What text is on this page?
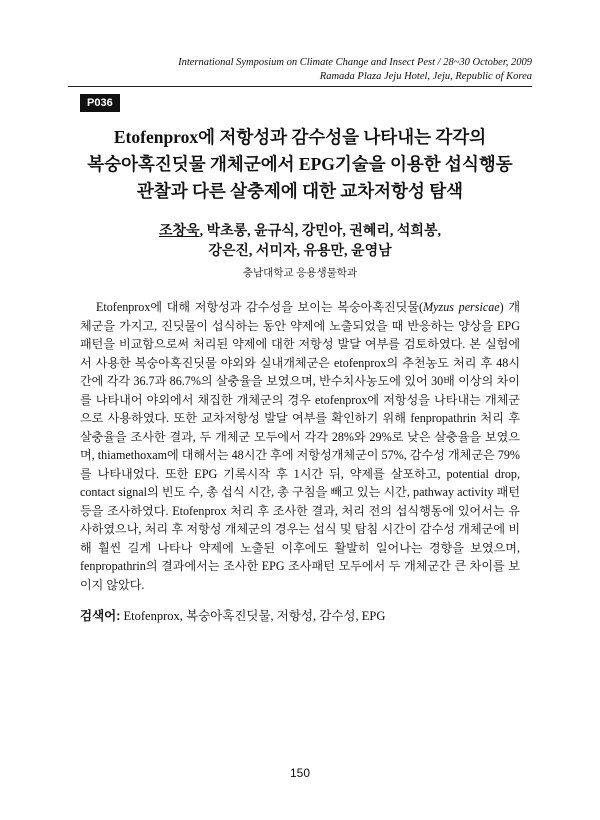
International Symposium on Climate Change and Insect Pest / 28~30 October, 2009
Ramada Plaza Jeju Hotel, Jeju, Republic of Korea
P036
Etofenprox에 저항성과 감수성을 나타내는 각각의
복숭아혹진딧물 개체군에서 EPG기술을 이용한 섭식행동
관찰과 다른 살충제에 대한 교차저항성 탐색
조창욱, 박초롱, 윤규식, 강민아, 권혜리, 석희봉,
강은진, 서미자, 유용만, 윤영남
충남대학교 응용생물학과

Etofenprox에 대해 저항성과 감수성을 보이는 복숭아혹진딧물(Myzus persicae) 개체군을 가지고, 진딧물이 섭식하는 동안 약제에 노출되었을 때 반응하는 양상을 EPG패턴을 비교함으로써 처리된 약제에 대한 저항성 발달 여부를 검토하였다. 본 실험에서 사용한 복숭아혹진딧물 야외와 실내개체군은 etofenprox의 추천농도 처리 후 48시간에 각각 36.7과 86.7%의 살충율을 보였으며, 반수치사농도에 있어 30배 이상의 차이를 나타내어 야외에서 채집한 개체군의 경우 etofenprox에 저항성을 나타내는 개체군으로 사용하였다. 또한 교차저항성 발달 여부를 확인하기 위해 fenpropathrin 처리 후 살충율을 조사한 결과, 두 개체군 모두에서 각각 28%와 29%로 낮은 살충율을 보였으며, thiamethoxam에 대해서는 48시간 후에 저항성개체군이 57%, 감수성 개체군은 79%를 나타내었다. 또한 EPG 기록시작 후 1시간 뒤, 약제를 살포하고, potential drop, contact signal의 빈도 수, 총 섭식 시간, 총 구침을 빼고 있는 시간, pathway activity 패턴 등을 조사하였다. Etofenprox 처리 후 조사한 결과, 처리 전의 섭식행동에 있어서는 유사하였으나, 처리 후 저항성 개체군의 경우는 섭식 및 탐침 시간이 감수성 개체군에 비해 훨씬 길게 나타나 약제에 노출된 이후에도 활발히 일어나는 경향을 보였으며, fenpropathrin의 결과에서는 조사한 EPG 조사패턴 모두에서 두 개체군간 큰 차이를 보이지 않았다.

검색어: Etofenprox, 복숭아혹진딧물, 저항성, 감수성, EPG
150
